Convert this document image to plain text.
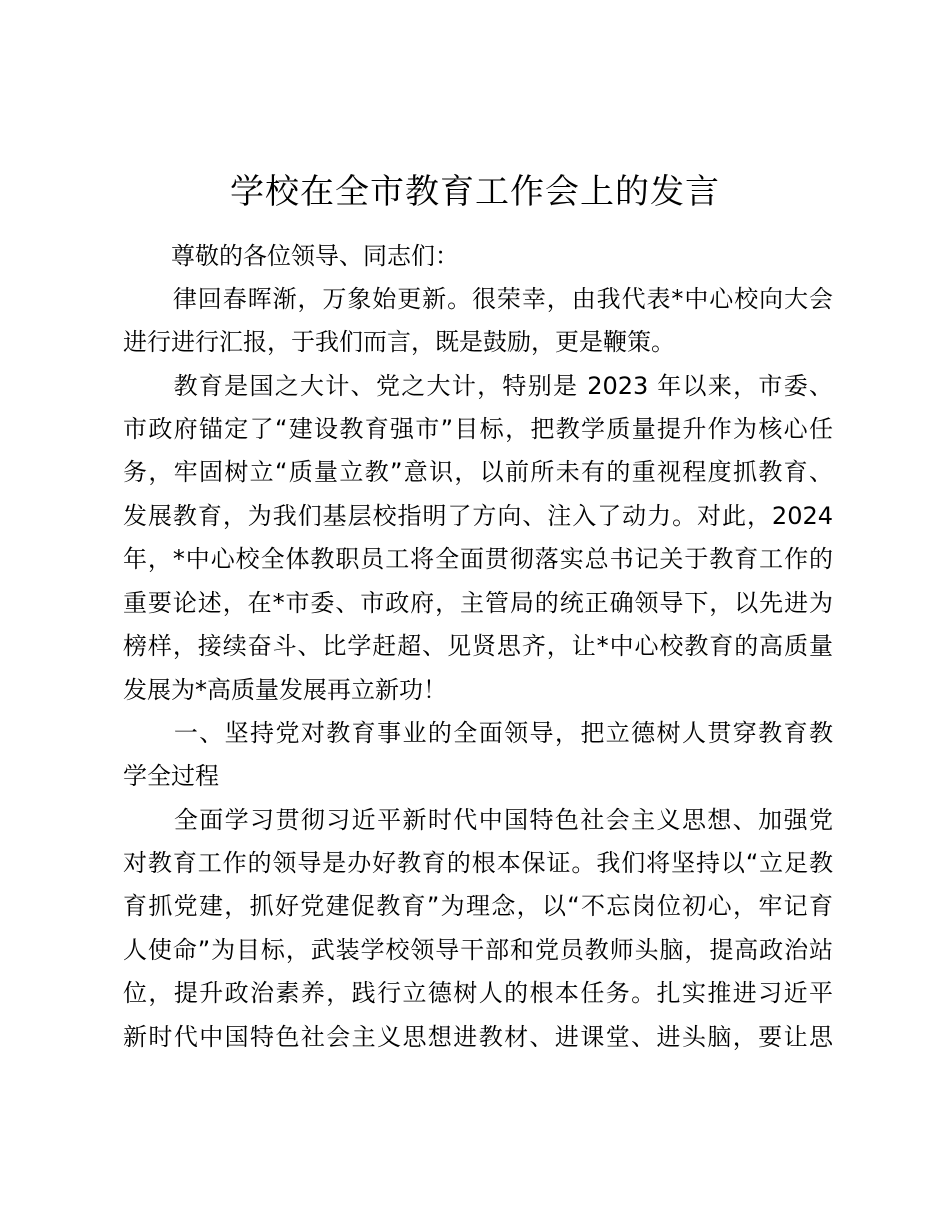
学校在全市教育工作会上的发言
　　尊敬的各位领导、同志们：
　　律回春晖渐，万象始更新。很荣幸，由我代表*中心校向大会
进行进行汇报，于我们而言，既是鼓励，更是鞭策。
　　教育是国之大计、党之大计，特别是 2023 年以来，市委、
市政府锚定了“建设教育强市”目标，把教学质量提升作为核心任
务，牢固树立“质量立教”意识，以前所未有的重视程度抓教育、
发展教育，为我们基层校指明了方向、注入了动力。对此，2024
年，*中心校全体教职员工将全面贯彻落实总书记关于教育工作的
重要论述，在*市委、市政府，主管局的统正确领导下，以先进为
榜样，接续奋斗、比学赶超、见贤思齐，让*中心校教育的高质量
发展为*高质量发展再立新功！
　　一、坚持党对教育事业的全面领导，把立德树人贯穿教育教
学全过程
　　全面学习贯彻习近平新时代中国特色社会主义思想、加强党
对教育工作的领导是办好教育的根本保证。我们将坚持以“立足教
育抓党建，抓好党建促教育”为理念，以“不忘岗位初心，牢记育
人使命”为目标，武装学校领导干部和党员教师头脑，提高政治站
位，提升政治素养，践行立德树人的根本任务。扎实推进习近平
新时代中国特色社会主义思想进教材、进课堂、进头脑，要让思
